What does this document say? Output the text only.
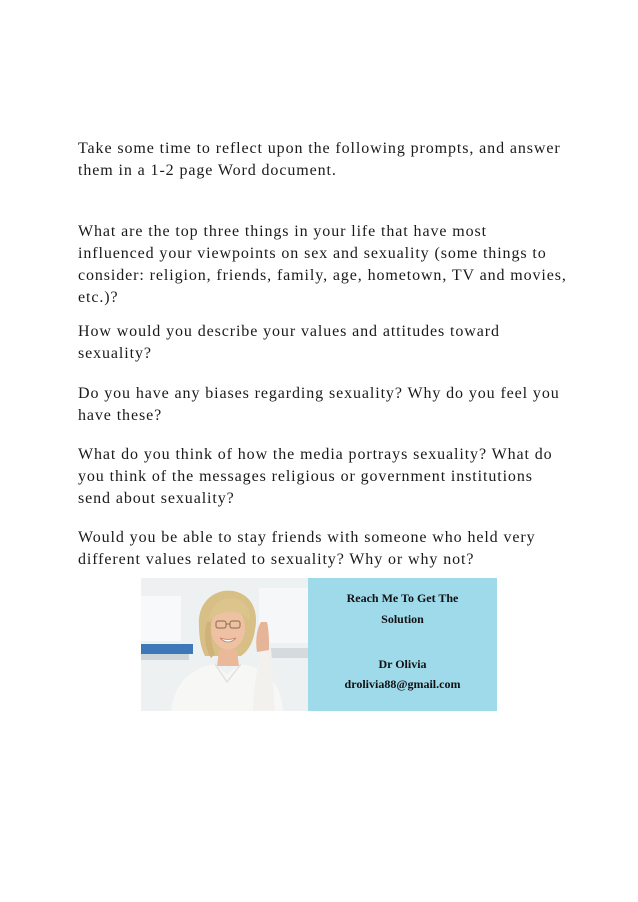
Take some time to reflect upon the following prompts, and answer them in a 1-2 page Word document.

What are the top three things in your life that have most influenced your viewpoints on sex and sexuality (some things to consider: religion, friends, family, age, hometown, TV and movies, etc.)?

How would you describe your values and attitudes toward sexuality?

Do you have any biases regarding sexuality? Why do you feel you have these?

What do you think of how the media portrays sexuality? What do you think of the messages religious or government institutions send about sexuality?

Would you be able to stay friends with someone who held very different values related to sexuality? Why or why not?

Reach Me To Get The

Solution

Dr Olivia

drolivia88@gmail.com
